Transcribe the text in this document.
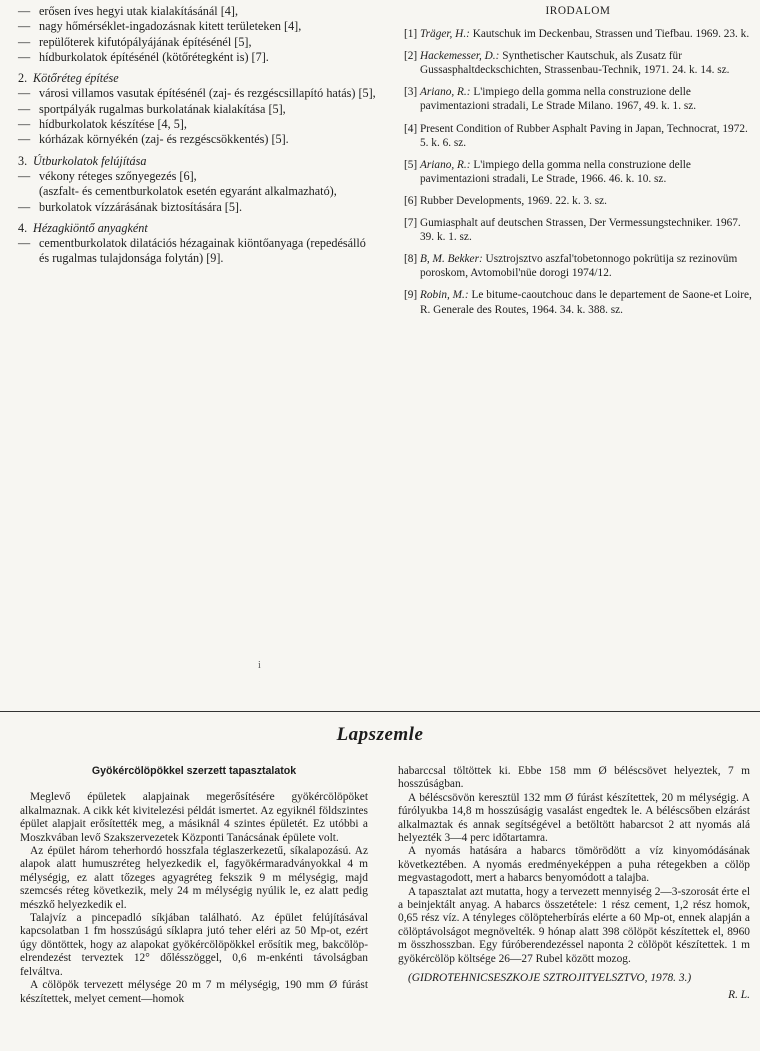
— erősen íves hegyi utak kialakításánál [4],

— nagy hőmérséklet-ingadozásnak kitett területeken [4],

— repülőterek kifutópályájának építésénél [5],

— hídburkolatok építésénél (kötőrétegként is) [7].

2. Kötőréteg építése

— városi villamos vasutak építésénél (zaj- és rezgéscsillapító hatás) [5],

— sportpályák rugalmas burkolatának kialakítása [5],

— hídburkolatok készítése [4, 5],

— kórházak környékén (zaj- és rezgéscsökkentés) [5].

3. Útburkolatok felújítása

— vékony réteges szőnyegezés [6],

(aszfalt- és cementburkolatok esetén egyaránt alkalmazható),

— burkolatok vízzárásának biztosítására [5].

4. Hézagkiöntő anyagként

— cementburkolatok dilatációs hézagainak kiöntőanyaga (repedésálló és rugalmas tulajdonsága folytán) [9].

IRODALOM

[1] Träger, H.: Kautschuk im Deckenbau, Strassen und Tiefbau. 1969. 23. k.
[2] Hackemesser, D.: Synthetischer Kautschuk, als Zusatz für Gussasphaltdeckschichten, Strassenbau-Technik, 1971. 24. k. 14. sz.
[3] Ariano, R.: L'impiego della gomma nella construzione delle pavimentazioni stradali, Le Strade Milano. 1967, 49. k. 1. sz.
[4] Present Condition of Rubber Asphalt Paving in Japan, Technocrat, 1972. 5. k. 6. sz.
[5] Ariano, R.: L'impiego della gomma nella construzione delle pavimentazioni stradali, Le Strade, 1966. 46. k. 10. sz.
[6] Rubber Developments, 1969. 22. k. 3. sz.
[7] Gumiasphalt auf deutschen Strassen, Der Vermessungstechniker. 1967. 39. k. 1. sz.
[8] B, M. Bekker: Usztrojsztvo aszfal'tobetonnogo pokrütija sz rezinovüm poroskom, Avtomobil'nüe dorogi 1974/12.
[9] Robin, M.: Le bitume-caoutchouc dans le departement de Saone-et Loire, R. Generale des Routes, 1964. 34. k. 388. sz.
i
Lapszemle

Gyökércölöpökkel szerzett tapasztalatok

Meglevő épületek alapjainak megerősítésére gyökércölöpöket alkalmaznak. A cikk két kivitelezési példát ismertet. Az egyiknél földszintes épület alapjait erősítették meg, a másiknál 4 szintes épületét. Ez utóbbi a Moszkvában levő Szakszervezetek Központi Tanácsának épülete volt.

Az épület három teherhordó hosszfala téglaszerkezetű, síkalapozású. Az alapok alatt humuszréteg helyezkedik el, fagyökérmaradványokkal 4 m mélységig, ez alatt tőzeges agyagréteg fekszik 9 m mélységig, majd szemcsés réteg következik, mely 24 m mélységig nyúlik le, ez alatt pedig mészkő helyezkedik el.

Talajvíz a pincepadló síkjában található. Az épület felújításával kapcsolatban 1 fm hosszúságú síklapra jutó teher eléri az 50 Mp-ot, ezért úgy döntöttek, hogy az alapokat gyökércölöpökkel erősítik meg, bakcölöp-elrendezést terveztek 12° dőlésszöggel, 0,6 m-enkénti távolságban felváltva.

A cölöpök tervezett mélysége 20 m 7 m mélységig, 190 mm Ø fúrást készítettek, melyet cement—homok

habarccsal töltöttek ki. Ebbe 158 mm Ø béléscsövet helyeztek, 7 m hosszúságban.

A béléscsövön keresztül 132 mm Ø fúrást készítettek, 20 m mélységig. A fúrólyukba 14,8 m hosszúságig vasalást engedtek le. A béléscsőben elzárást alkalmaztak és annak segítségével a betöltött habarcsot 2 att nyomás alá helyezték 3—4 perc időtartamra.

A nyomás hatására a habarcs tömörödött a víz kinyomódásának következtében. A nyomás eredményeképpen a puha rétegekben a cölöp megvastagodott, mert a habarcs benyomódott a talajba.

A tapasztalat azt mutatta, hogy a tervezett mennyiség 2—3-szorosát érte el a beinjektált anyag. A habarcs összetétele: 1 rész cement, 1,2 rész homok, 0,65 rész víz. A tényleges cölöpteherbírás elérte a 60 Mp-ot, ennek alapján a cölöptávolságot megnövelték. 9 hónap alatt 398 cölöpöt készítettek el, 8960 m összhosszban. Egy fúróberendezéssel naponta 2 cölöpöt készítettek. 1 m gyökércölöp költsége 26—27 Rubel között mozog.

(GIDROTEHNICSESZKOJE SZTROJITYELSZTVO, 1978. 3.)

R. L.
